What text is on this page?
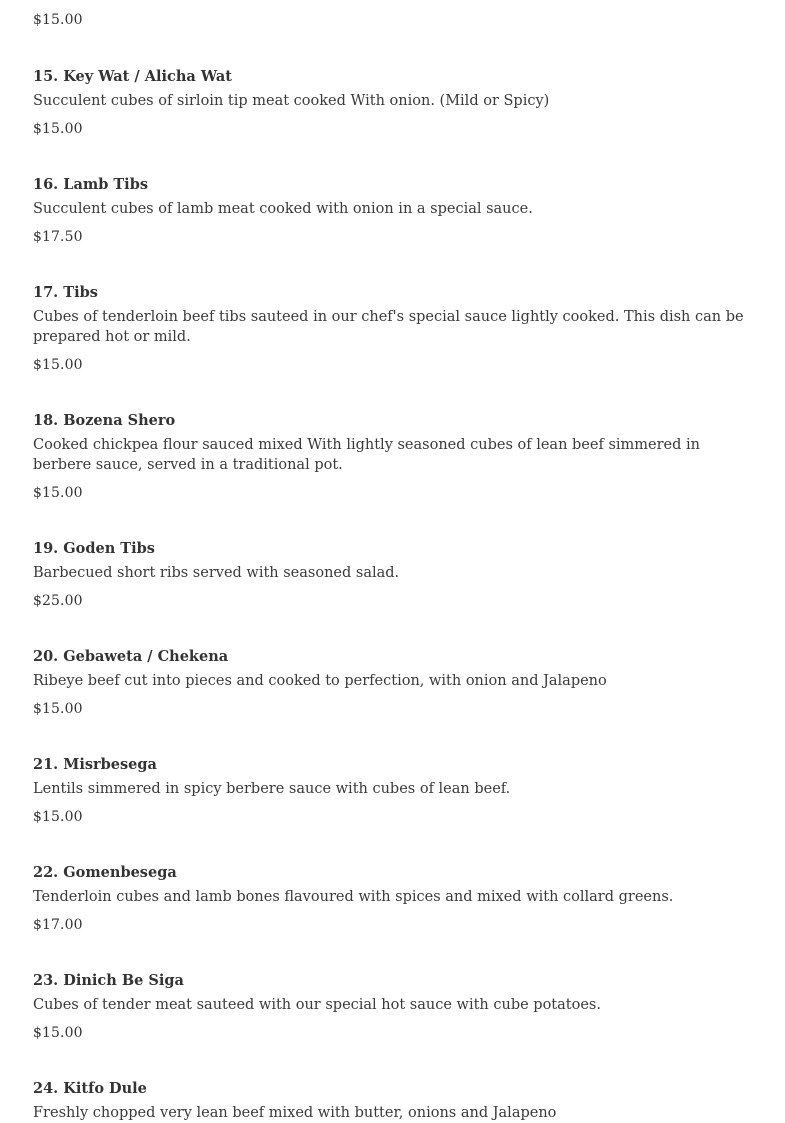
$15.00
15. Key Wat / Alicha Wat
Succulent cubes of sirloin tip meat cooked With onion. (Mild or Spicy)
$15.00
16. Lamb Tibs
Succulent cubes of lamb meat cooked with onion in a special sauce.
$17.50
17. Tibs
Cubes of tenderloin beef tibs sauteed in our chef's special sauce lightly cooked. This dish can be prepared hot or mild.
$15.00
18. Bozena Shero
Cooked chickpea flour sauced mixed With lightly seasoned cubes of lean beef simmered in berbere sauce, served in a traditional pot.
$15.00
19. Goden Tibs
Barbecued short ribs served with seasoned salad.
$25.00
20. Gebaweta / Chekena
Ribeye beef cut into pieces and cooked to perfection, with onion and Jalapeno
$15.00
21. Misrbesega
Lentils simmered in spicy berbere sauce with cubes of lean beef.
$15.00
22. Gomenbesega
Tenderloin cubes and lamb bones flavoured with spices and mixed with collard greens.
$17.00
23. Dinich Be Siga
Cubes of tender meat sauteed with our special hot sauce with cube potatoes.
$15.00
24. Kitfo Dule
Freshly chopped very lean beef mixed with butter, onions and Jalapeno
